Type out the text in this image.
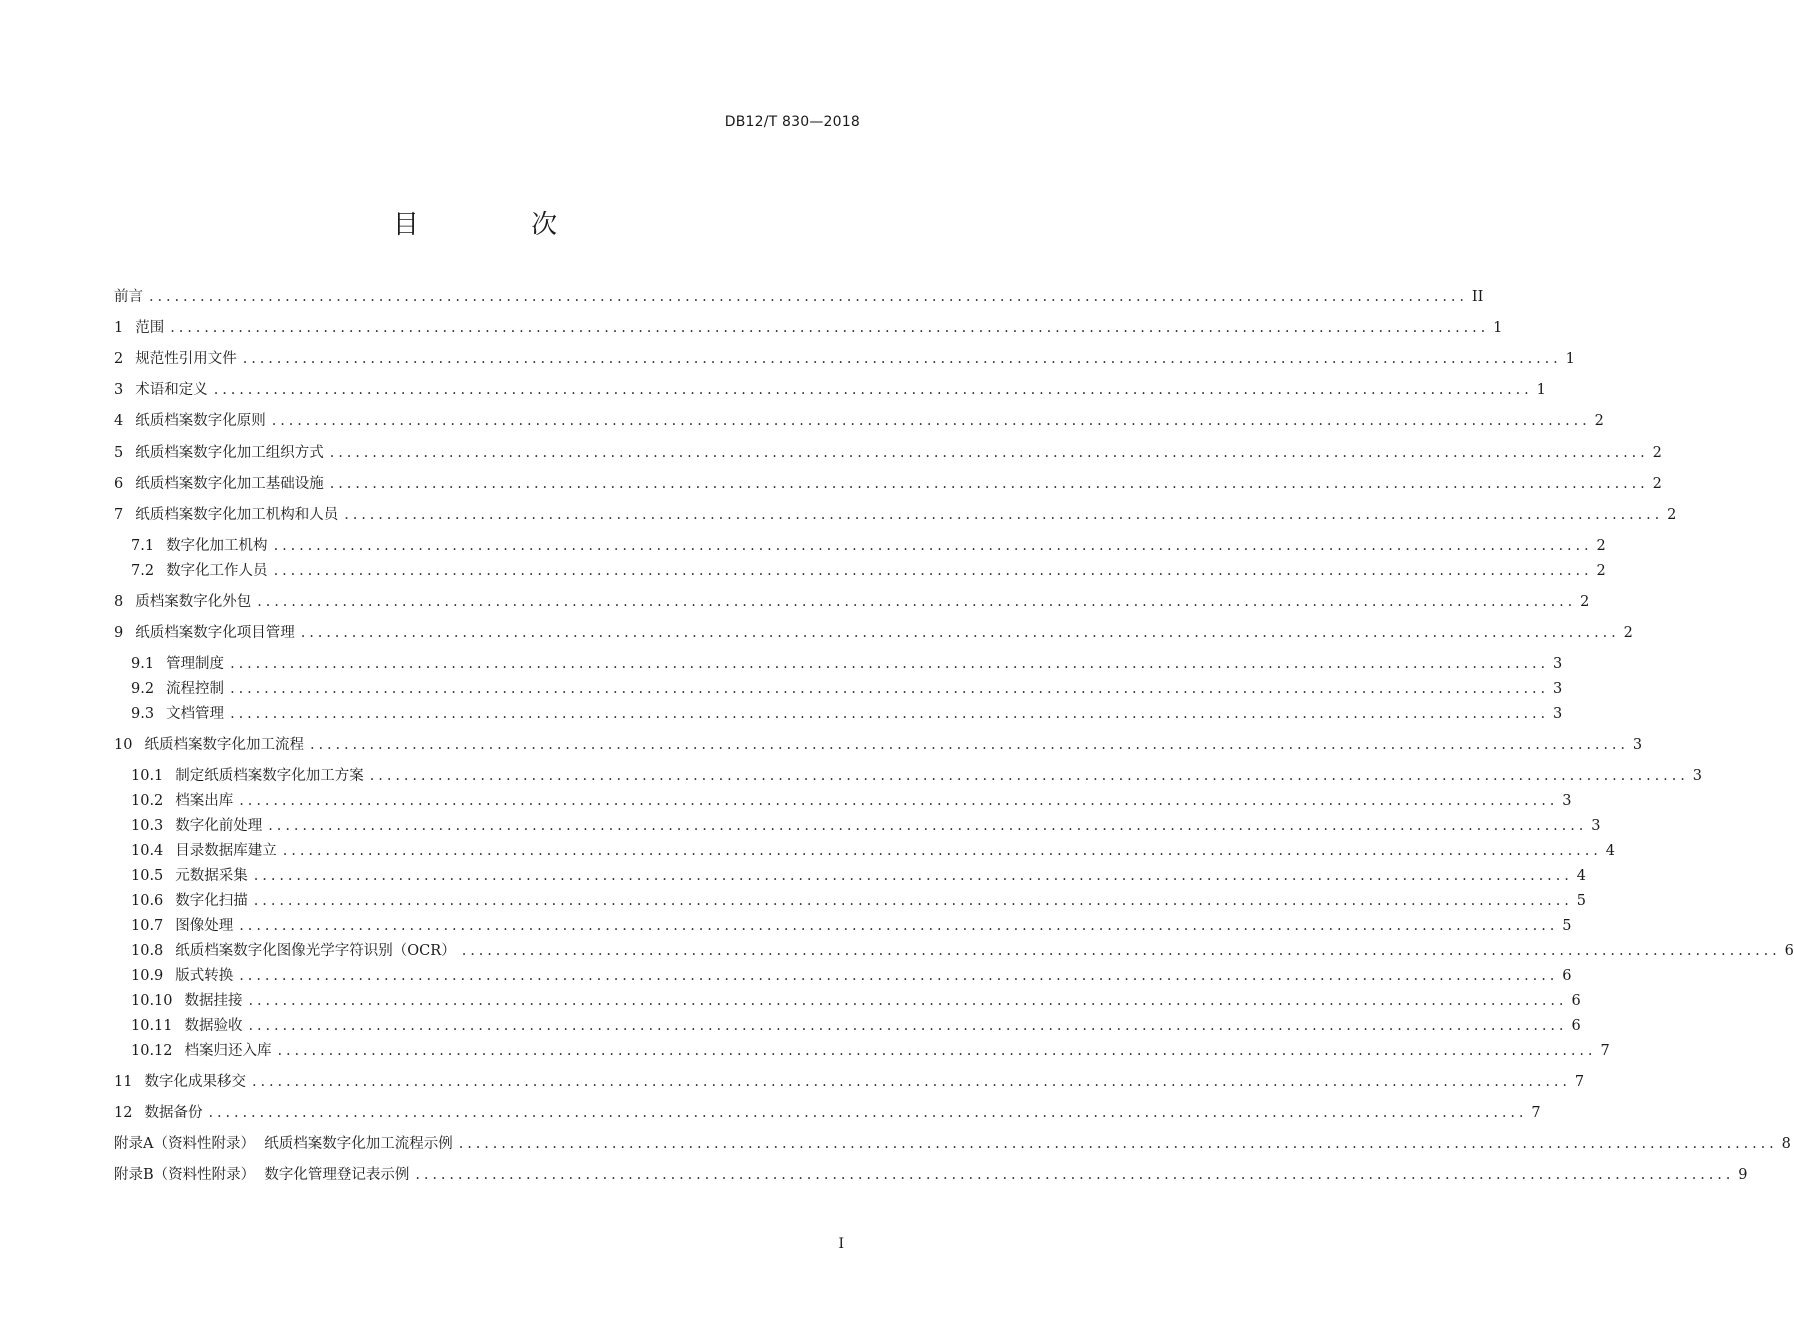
DB12/T 830—2018
目 次
前言 ........................................................................................................................................................... II
1 范围 ........................................................................................................................................................... 1
2 规范性引用文件 ........................................................................................................................................................... 1
3 术语和定义 ........................................................................................................................................................... 1
4 纸质档案数字化原则 ........................................................................................................................................................... 2
5 纸质档案数字化加工组织方式 ........................................................................................................................................................... 2
6 纸质档案数字化加工基础设施 ........................................................................................................................................................... 2
7 纸质档案数字化加工机构和人员 ........................................................................................................................................................... 2
7.1 数字化加工机构 ........................................................................................................................................................... 2
7.2 数字化工作人员 ........................................................................................................................................................... 2
8 质档案数字化外包 ........................................................................................................................................................... 2
9 纸质档案数字化项目管理 ........................................................................................................................................................... 2
9.1 管理制度 ........................................................................................................................................................... 3
9.2 流程控制 ........................................................................................................................................................... 3
9.3 文档管理 ........................................................................................................................................................... 3
10 纸质档案数字化加工流程 ........................................................................................................................................................... 3
10.1 制定纸质档案数字化加工方案 ........................................................................................................................................................... 3
10.2 档案出库 ........................................................................................................................................................... 3
10.3 数字化前处理 ........................................................................................................................................................... 3
10.4 目录数据库建立 ........................................................................................................................................................... 4
10.5 元数据采集 ........................................................................................................................................................... 4
10.6 数字化扫描 ........................................................................................................................................................... 5
10.7 图像处理 ........................................................................................................................................................... 5
10.8 纸质档案数字化图像光学字符识别（OCR） ........................................................................................................................................................... 6
10.9 版式转换 ........................................................................................................................................................... 6
10.10 数据挂接 ........................................................................................................................................................... 6
10.11 数据验收 ........................................................................................................................................................... 6
10.12 档案归还入库 ........................................................................................................................................................... 7
11 数字化成果移交 ........................................................................................................................................................... 7
12 数据备份 ........................................................................................................................................................... 7
附录A（资料性附录）  纸质档案数字化加工流程示例 ........................................................................................................................................................... 8
附录B（资料性附录）  数字化管理登记表示例 ........................................................................................................................................................... 9
I
